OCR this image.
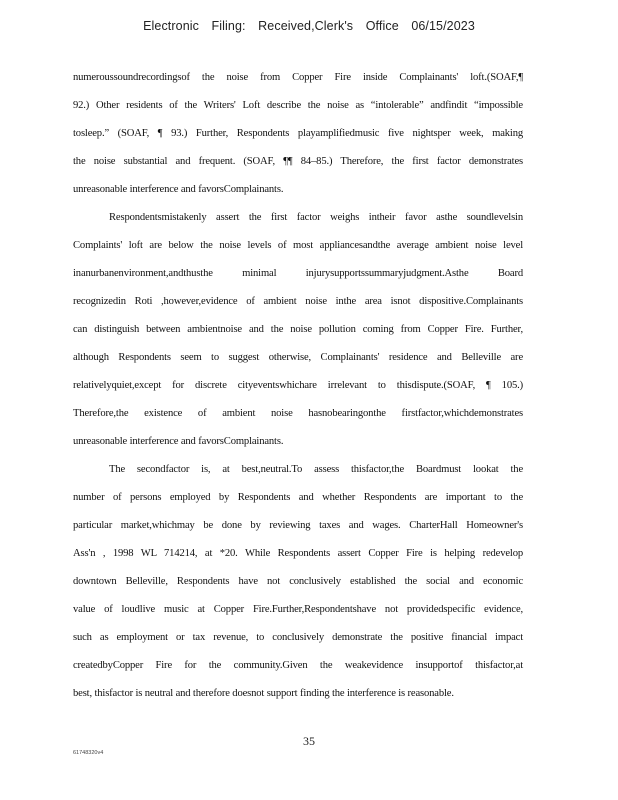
Electronic Filing: Received,Clerk's Office 06/15/2023
numeroussoundrecordingsof the noise from Copper Fire inside Complainants' loft.(SOAF,¶
92.) Other residents of the Writers' Loft describe the noise as “intolerable” andfindit “impossible
tosleep.” (SOAF, ¶ 93.) Further, Respondents playamplifiedmusic five nightsper week, making
the noise substantial and frequent. (SOAF, ¶¶ 84–85.) Therefore, the first factor demonstrates
unreasonable interference and favorsComplainants.
Respondentsmistakenly assert the first factor weighs intheir favor asthe soundlevelsin
Complaints' loft are below the noise levels of most appliancesandthe average ambient noise level
inanurbanenvironment,andthusthe minimal injurysupportssummaryjudgment.Asthe Board
recognizedin Roti ,however,evidence of ambient noise inthe area isnot dispositive.Complainants
can distinguish between ambientnoise and the noise pollution coming from Copper Fire. Further,
although Respondents seem to suggest otherwise, Complainants' residence and Belleville are
relativelyquiet,except for discrete cityeventswhichare irrelevant to thisdispute.(SOAF, ¶ 105.)
Therefore,the existence of ambient noise hasnobearingonthe firstfactor,whichdemonstrates
unreasonable interference and favorsComplainants.
The secondfactor is, at best,neutral.To assess thisfactor,the Boardmust lookat the
number of persons employed by Respondents and whether Respondents are important to the
particular market,whichmay be done by reviewing taxes and wages. CharterHall Homeowner's
Ass'n , 1998 WL 714214, at *20. While Respondents assert Copper Fire is helping redevelop
downtown Belleville, Respondents have not conclusively established the social and economic
value of loudlive music at Copper Fire.Further,Respondentshave not providedspecific evidence,
such as employment or tax revenue, to conclusively demonstrate the positive financial impact
createdbyCopper Fire for the community.Given the weakevidence insupportof thisfactor,at
best, thisfactor is neutral and therefore doesnot support finding the interference is reasonable.
35
61748320v4
